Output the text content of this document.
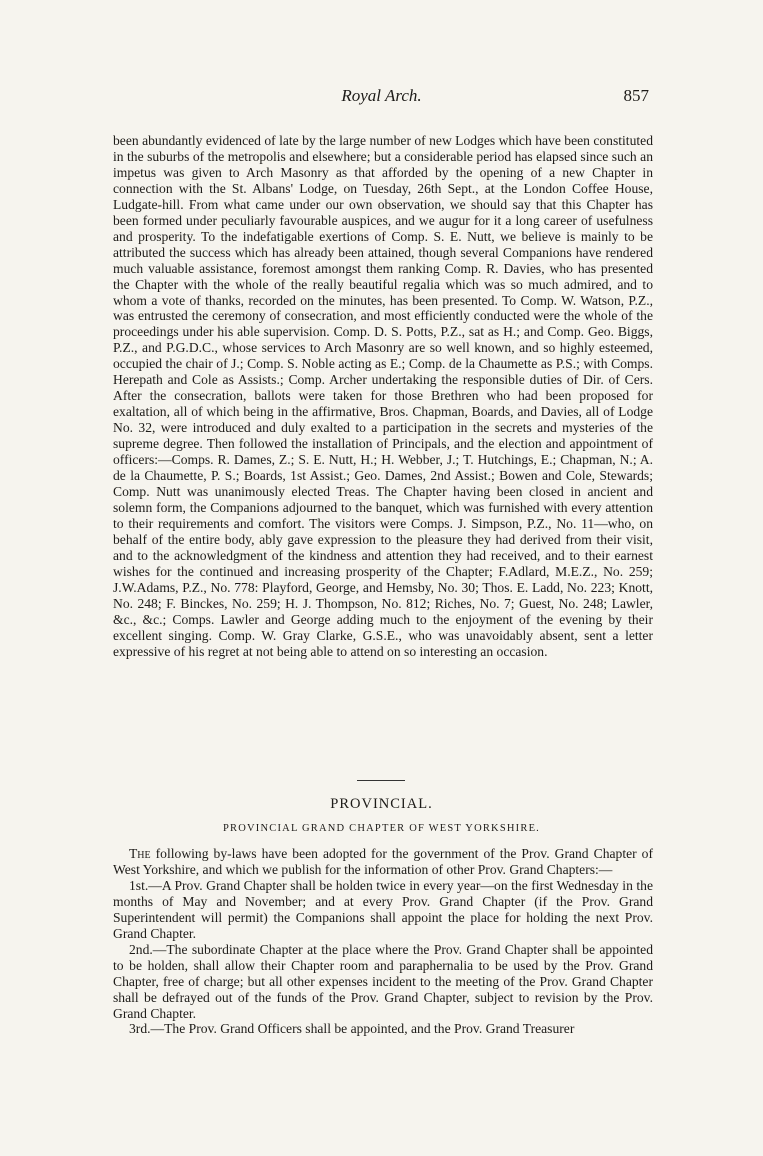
Royal Arch.	857

been abundantly evidenced of late by the large number of new Lodges which have been constituted in the suburbs of the metropolis and elsewhere; but a considerable period has elapsed since such an impetus was given to Arch Masonry as that afforded by the opening of a new Chapter in connection with the St. Albans' Lodge, on Tuesday, 26th Sept., at the London Coffee House, Ludgate-hill. From what came under our own observation, we should say that this Chapter has been formed under peculiarly favourable auspices, and we augur for it a long career of usefulness and prosperity. To the indefatigable exertions of Comp. S. E. Nutt, we believe is mainly to be attributed the success which has already been attained, though several Companions have rendered much valuable assistance, foremost amongst them ranking Comp. R. Davies, who has presented the Chapter with the whole of the really beautiful regalia which was so much admired, and to whom a vote of thanks, recorded on the minutes, has been presented. To Comp. W. Watson, P.Z., was entrusted the ceremony of consecration, and most efficiently conducted were the whole of the proceedings under his able supervision. Comp. D. S. Potts, P.Z., sat as H.; and Comp. Geo. Biggs, P.Z., and P.G.D.C., whose services to Arch Masonry are so well known, and so highly esteemed, occupied the chair of J.; Comp. S. Noble acting as E.; Comp. de la Chaumette as P.S.; with Comps. Herepath and Cole as Assists.; Comp. Archer undertaking the responsible duties of Dir. of Cers. After the consecration, ballots were taken for those Brethren who had been proposed for exaltation, all of which being in the affirmative, Bros. Chapman, Boards, and Davies, all of Lodge No. 32, were introduced and duly exalted to a participation in the secrets and mysteries of the supreme degree. Then followed the installation of Principals, and the election and appointment of officers:—Comps. R. Dames, Z.; S. E. Nutt, H.; H. Webber, J.; T. Hutchings, E.; Chapman, N.; A. de la Chaumette, P. S.; Boards, 1st Assist.; Geo. Dames, 2nd Assist.; Bowen and Cole, Stewards; Comp. Nutt was unanimously elected Treas. The Chapter having been closed in ancient and solemn form, the Companions adjourned to the banquet, which was furnished with every attention to their requirements and comfort. The visitors were Comps. J. Simpson, P.Z., No. 11—who, on behalf of the entire body, ably gave expression to the pleasure they had derived from their visit, and to the acknowledgment of the kindness and attention they had received, and to their earnest wishes for the continued and increasing prosperity of the Chapter; F.Adlard, M.E.Z., No. 259; J.W.Adams, P.Z., No. 778: Playford, George, and Hemsby, No. 30; Thos. E. Ladd, No. 223; Knott, No. 248; F. Binckes, No. 259; H. J. Thompson, No. 812; Riches, No. 7; Guest, No. 248; Lawler, &c., &c.; Comps. Lawler and George adding much to the enjoyment of the evening by their excellent singing. Comp. W. Gray Clarke, G.S.E., who was unavoidably absent, sent a letter expressive of his regret at not being able to attend on so interesting an occasion.

PROVINCIAL.
PROVINCIAL GRAND CHAPTER OF WEST YORKSHIRE.

The following by-laws have been adopted for the government of the Prov. Grand Chapter of West Yorkshire, and which we publish for the information of other Prov. Grand Chapters:—

1st.—A Prov. Grand Chapter shall be holden twice in every year—on the first Wednesday in the months of May and November; and at every Prov. Grand Chapter (if the Prov. Grand Superintendent will permit) the Companions shall appoint the place for holding the next Prov. Grand Chapter.

2nd.—The subordinate Chapter at the place where the Prov. Grand Chapter shall be appointed to be holden, shall allow their Chapter room and paraphernalia to be used by the Prov. Grand Chapter, free of charge; but all other expenses incident to the meeting of the Prov. Grand Chapter shall be defrayed out of the funds of the Prov. Grand Chapter, subject to revision by the Prov. Grand Chapter.

3rd.—The Prov. Grand Officers shall be appointed, and the Prov. Grand Treasurer
